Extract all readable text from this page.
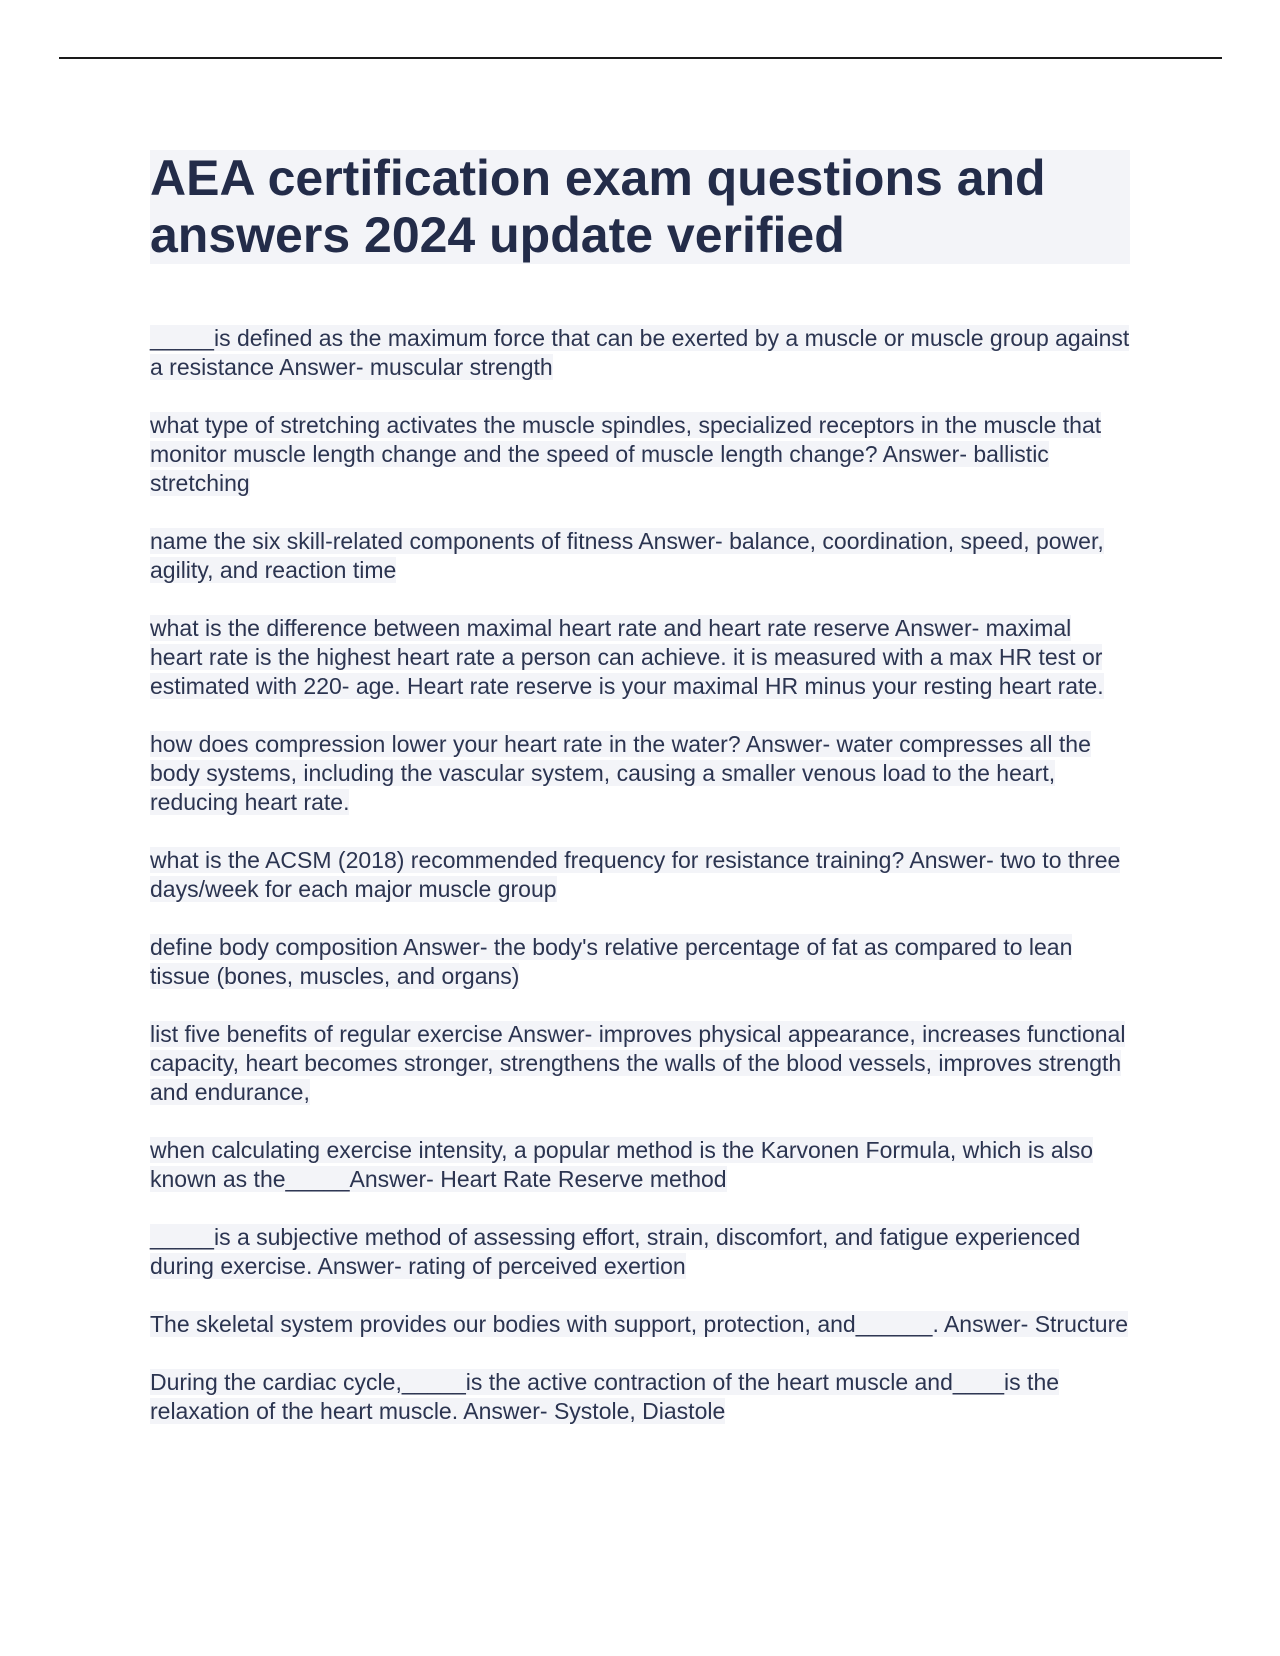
AEA certification exam questions and answers 2024 update verified

_____is defined as the maximum force that can be exerted by a muscle or muscle group against a resistance Answer- muscular strength

what type of stretching activates the muscle spindles, specialized receptors in the muscle that monitor muscle length change and the speed of muscle length change? Answer- ballistic stretching

name the six skill-related components of fitness Answer- balance, coordination, speed, power, agility, and reaction time

what is the difference between maximal heart rate and heart rate reserve Answer- maximal heart rate is the highest heart rate a person can achieve. it is measured with a max HR test or estimated with 220- age. Heart rate reserve is your maximal HR minus your resting heart rate.

how does compression lower your heart rate in the water? Answer- water compresses all the body systems, including the vascular system, causing a smaller venous load to the heart, reducing heart rate.

what is the ACSM (2018) recommended frequency for resistance training? Answer- two to three days/week for each major muscle group

define body composition Answer- the body's relative percentage of fat as compared to lean tissue (bones, muscles, and organs)

list five benefits of regular exercise Answer- improves physical appearance, increases functional capacity, heart becomes stronger, strengthens the walls of the blood vessels, improves strength and endurance,

when calculating exercise intensity, a popular method is the Karvonen Formula, which is also known as the_____Answer- Heart Rate Reserve method

_____is a subjective method of assessing effort, strain, discomfort, and fatigue experienced during exercise. Answer- rating of perceived exertion

The skeletal system provides our bodies with support, protection, and______. Answer- Structure

During the cardiac cycle,_____is the active contraction of the heart muscle and____is the relaxation of the heart muscle. Answer- Systole, Diastole
